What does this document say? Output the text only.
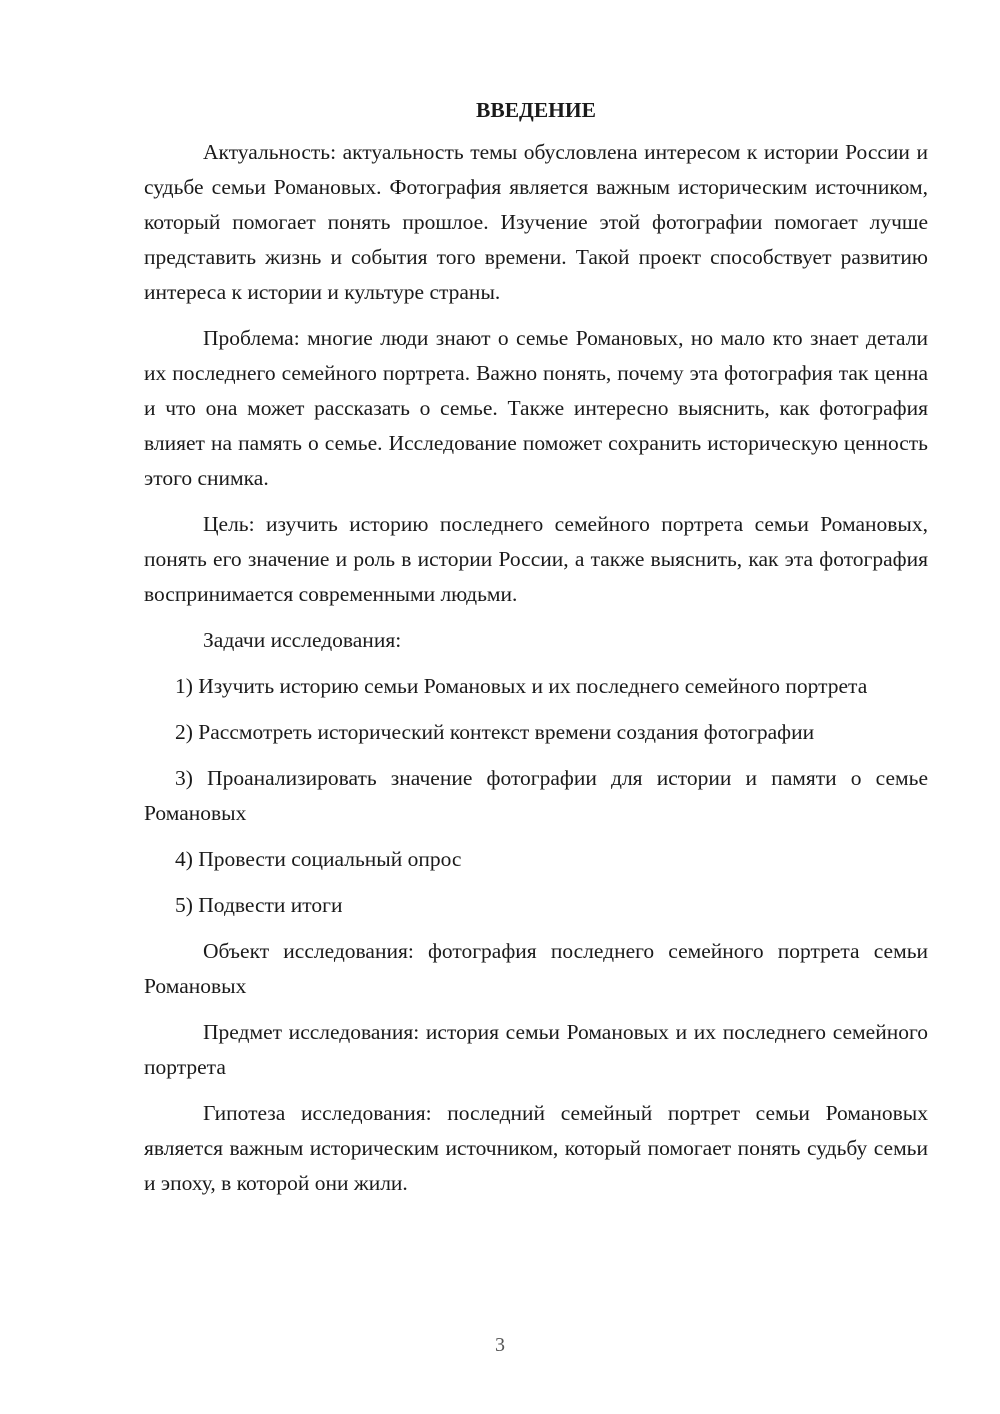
ВВЕДЕНИЕ

Актуальность: актуальность темы обусловлена интересом к истории России и судьбе семьи Романовых. Фотография является важным историческим источником, который помогает понять прошлое. Изучение этой фотографии помогает лучше представить жизнь и события того времени. Такой проект способствует развитию интереса к истории и культуре страны.

Проблема: многие люди знают о семье Романовых, но мало кто знает детали их последнего семейного портрета. Важно понять, почему эта фотография так ценна и что она может рассказать о семье. Также интересно выяснить, как фотография влияет на память о семье. Исследование поможет сохранить историческую ценность этого снимка.

Цель: изучить историю последнего семейного портрета семьи Романовых, понять его значение и роль в истории России, а также выяснить, как эта фотография воспринимается современными людьми.

Задачи исследования:

1) Изучить историю семьи Романовых и их последнего семейного портрета

2) Рассмотреть исторический контекст времени создания фотографии

3) Проанализировать значение фотографии для истории и памяти о семье Романовых

4) Провести социальный опрос

5) Подвести итоги

Объект исследования: фотография последнего семейного портрета семьи Романовых

Предмет исследования: история семьи Романовых и их последнего семейного портрета

Гипотеза исследования: последний семейный портрет семьи Романовых является важным историческим источником, который помогает понять судьбу семьи и эпоху, в которой они жили.

3
